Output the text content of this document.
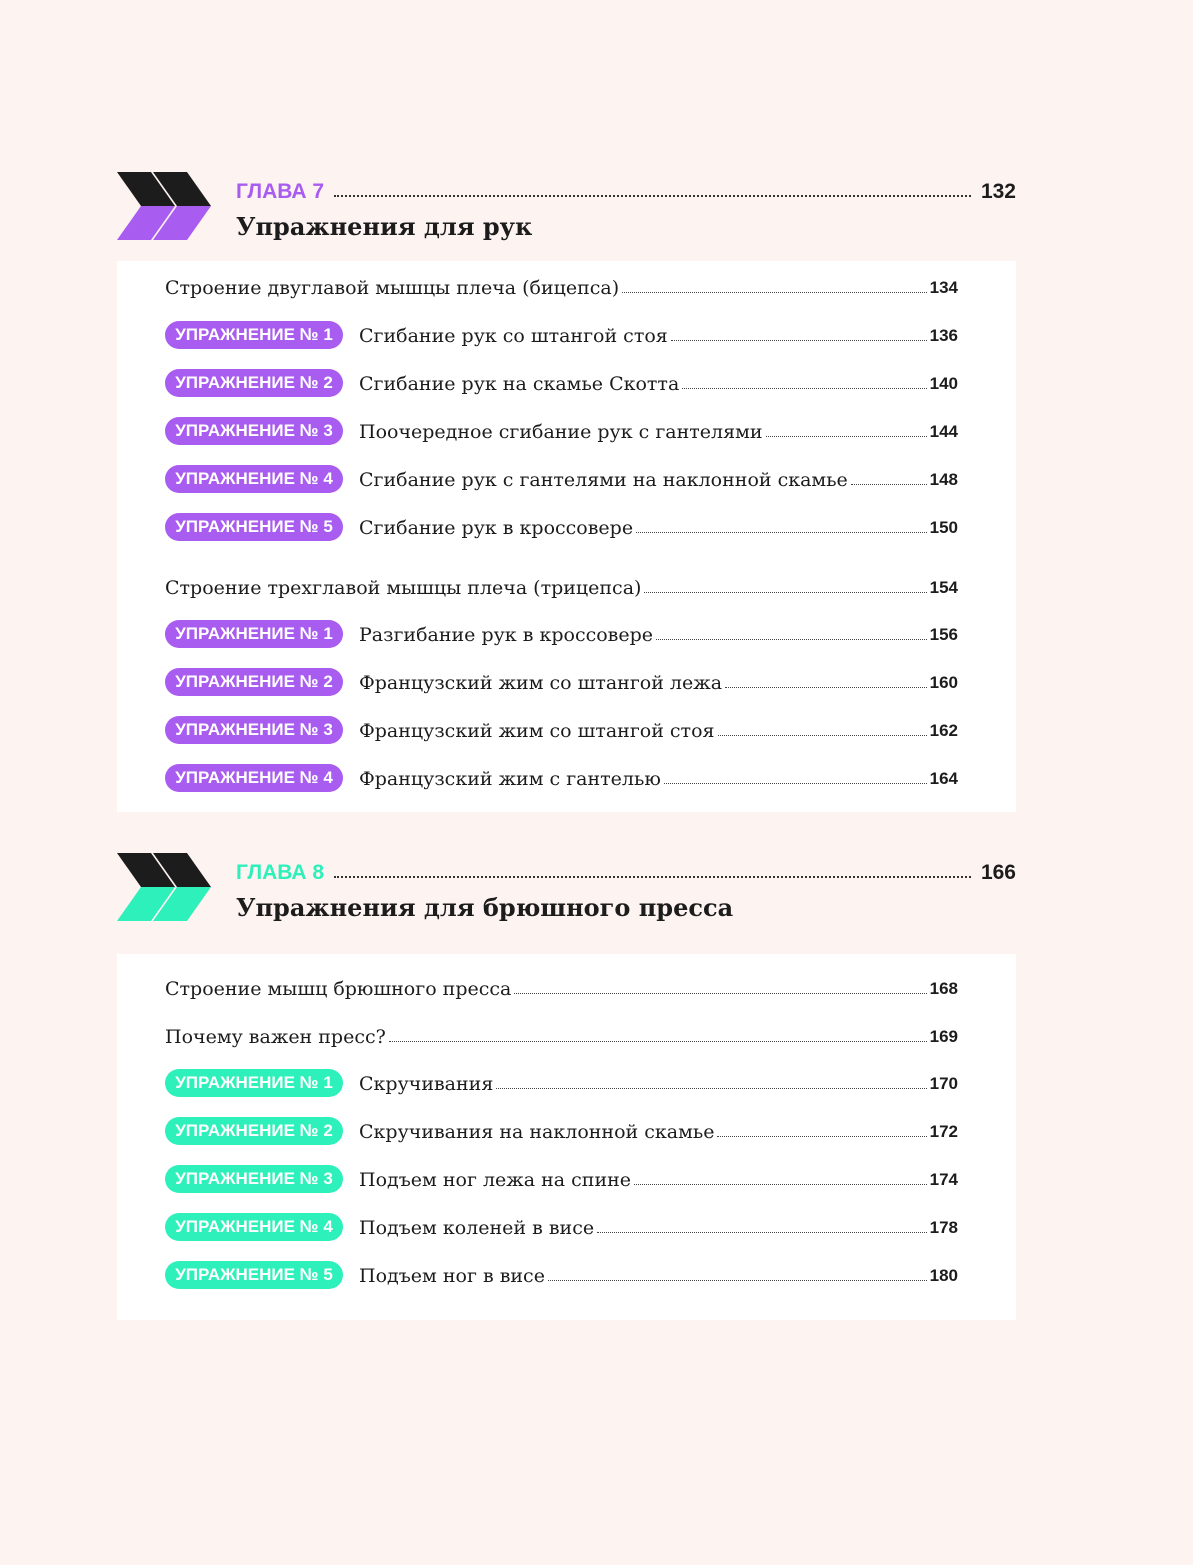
ГЛАВА 7	132
Упражнения для рук
Строение двуглавой мышцы плеча (бицепса)	134
УПРАЖНЕНИЕ № 1	Сгибание рук со штангой стоя	136
УПРАЖНЕНИЕ № 2	Сгибание рук на скамье Скотта	140
УПРАЖНЕНИЕ № 3	Поочередное сгибание рук с гантелями	144
УПРАЖНЕНИЕ № 4	Сгибание рук с гантелями на наклонной скамье	148
УПРАЖНЕНИЕ № 5	Сгибание рук в кроссовере	150
Строение трехглавой мышцы плеча (трицепса)	154
УПРАЖНЕНИЕ № 1	Разгибание рук в кроссовере	156
УПРАЖНЕНИЕ № 2	Французский жим со штангой лежа	160
УПРАЖНЕНИЕ № 3	Французский жим со штангой стоя	162
УПРАЖНЕНИЕ № 4	Французский жим с гантелью	164
ГЛАВА 8	166
Упражнения для брюшного пресса
Строение мышц брюшного пресса	168
Почему важен пресс?	169
УПРАЖНЕНИЕ № 1	Скручивания	170
УПРАЖНЕНИЕ № 2	Скручивания на наклонной скамье	172
УПРАЖНЕНИЕ № 3	Подъем ног лежа на спине	174
УПРАЖНЕНИЕ № 4	Подъем коленей в висе	178
УПРАЖНЕНИЕ № 5	Подъем ног в висе	180
